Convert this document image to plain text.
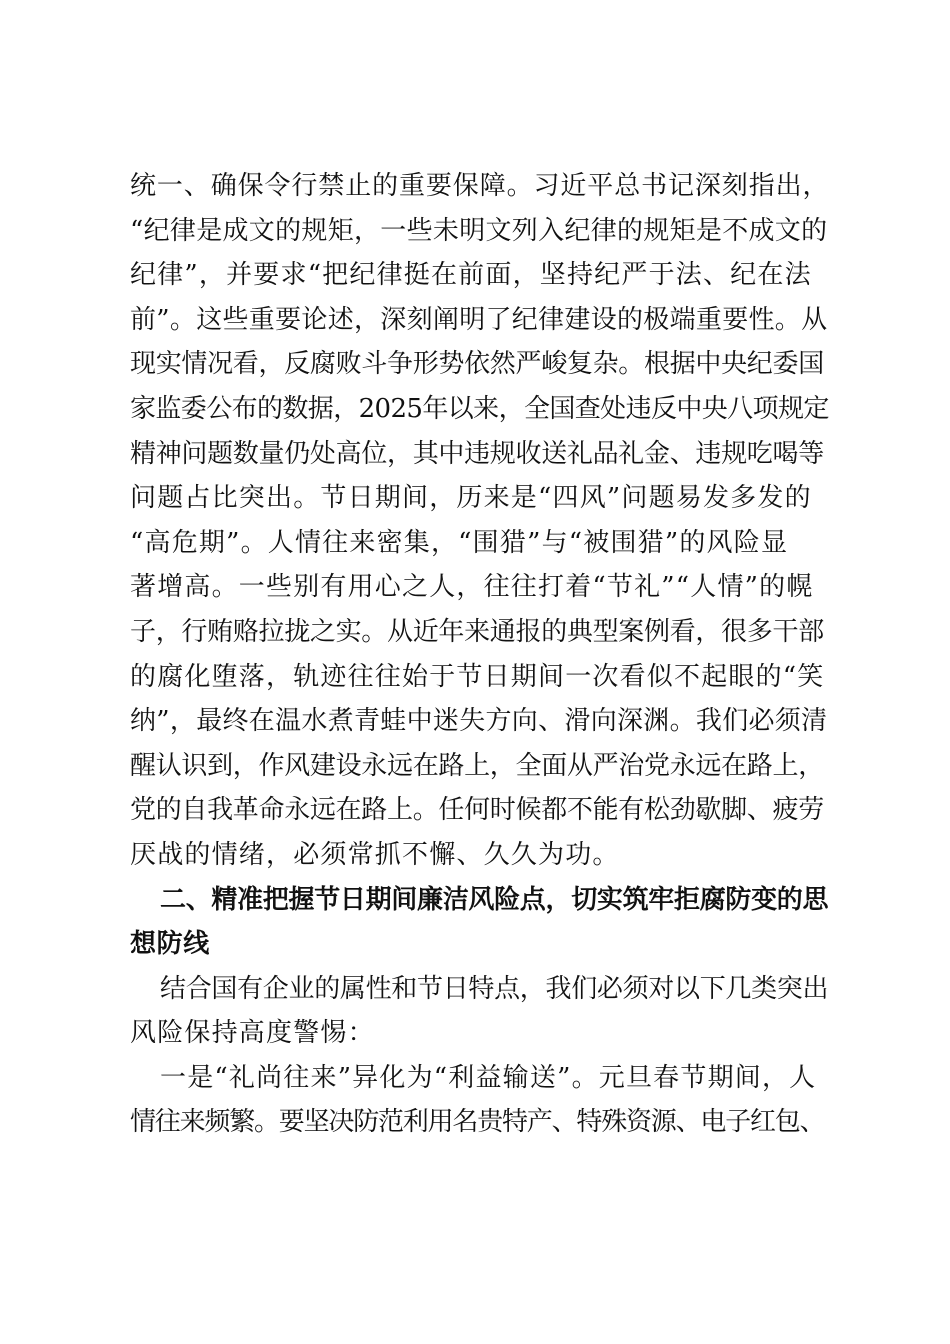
统一、确保令行禁止的重要保障。习近平总书记深刻指出，
“纪律是成文的规矩，一些未明文列入纪律的规矩是不成文的
纪律”，并要求“把纪律挺在前面，坚持纪严于法、纪在法
前”。这些重要论述，深刻阐明了纪律建设的极端重要性。从
现实情况看，反腐败斗争形势依然严峻复杂。根据中央纪委国
家监委公布的数据，2025年以来，全国查处违反中央八项规定
精神问题数量仍处高位，其中违规收送礼品礼金、违规吃喝等
问题占比突出。节日期间，历来是“四风”问题易发多发的
“高危期”。人情往来密集，“围猎”与“被围猎”的风险显
著增高。一些别有用心之人，往往打着“节礼”“人情”的幌
子，行贿赂拉拢之实。从近年来通报的典型案例看，很多干部
的腐化堕落，轨迹往往始于节日期间一次看似不起眼的“笑
纳”，最终在温水煮青蛙中迷失方向、滑向深渊。我们必须清
醒认识到，作风建设永远在路上，全面从严治党永远在路上，
党的自我革命永远在路上。任何时候都不能有松劲歇脚、疲劳
厌战的情绪，必须常抓不懈、久久为功。
二、精准把握节日期间廉洁风险点，切实筑牢拒腐防变的思
想防线
结合国有企业的属性和节日特点，我们必须对以下几类突出
风险保持高度警惕：
一是“礼尚往来”异化为“利益输送”。元旦春节期间，人
情往来频繁。要坚决防范利用名贵特产、特殊资源、电子红包、
